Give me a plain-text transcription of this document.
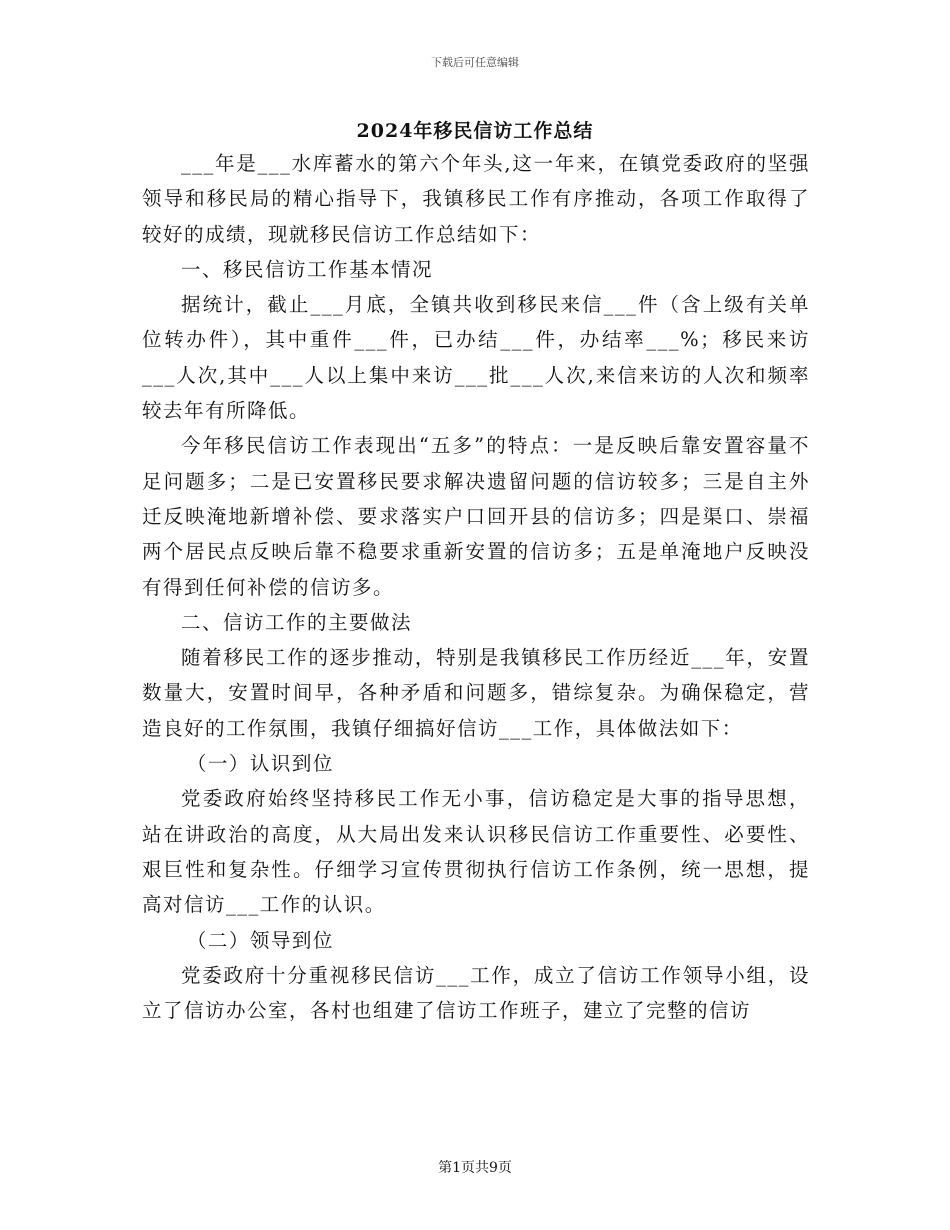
下载后可任意编辑
2024年移民信访工作总结

___年是___水库蓄水的第六个年头,这一年来，在镇党委政府的坚强领导和移民局的精心指导下，我镇移民工作有序推动，各项工作取得了较好的成绩，现就移民信访工作总结如下：

一、移民信访工作基本情况

据统计，截止___月底，全镇共收到移民来信___件（含上级有关单位转办件），其中重件___件，已办结___件，办结率___%；移民来访___人次,其中___人以上集中来访___批___人次,来信来访的人次和频率较去年有所降低。

今年移民信访工作表现出“五多”的特点：一是反映后靠安置容量不足问题多；二是已安置移民要求解决遗留问题的信访较多；三是自主外迁反映淹地新增补偿、要求落实户口回开县的信访多；四是渠口、崇福两个居民点反映后靠不稳要求重新安置的信访多；五是单淹地户反映没有得到任何补偿的信访多。

二、信访工作的主要做法

随着移民工作的逐步推动，特别是我镇移民工作历经近___年，安置数量大，安置时间早，各种矛盾和问题多，错综复杂。为确保稳定，营造良好的工作氛围，我镇仔细搞好信访___工作，具体做法如下：

（一）认识到位

党委政府始终坚持移民工作无小事，信访稳定是大事的指导思想，站在讲政治的高度，从大局出发来认识移民信访工作重要性、必要性、艰巨性和复杂性。仔细学习宣传贯彻执行信访工作条例，统一思想，提高对信访___工作的认识。

（二）领导到位

党委政府十分重视移民信访___工作，成立了信访工作领导小组，设立了信访办公室，各村也组建了信访工作班子，建立了完整的信访

第1页共9页
